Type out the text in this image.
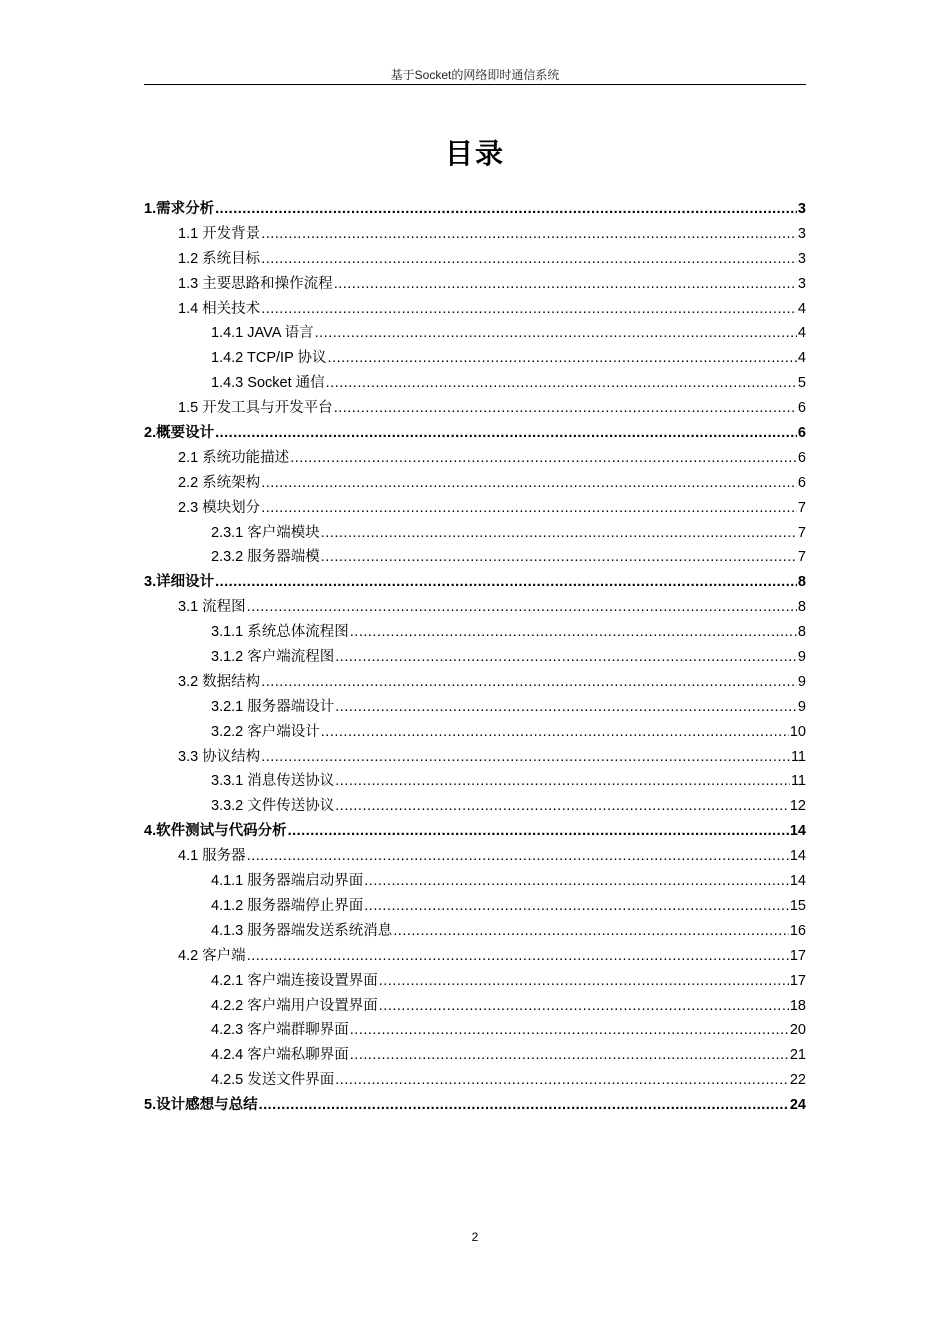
基于Socket的网络即时通信系统
目录
1.需求分析 .....	3
1.1 开发背景 .....	3
1.2 系统目标 .....	3
1.3 主要思路和操作流程 .....	3
1.4 相关技术 .....	4
1.4.1 JAVA 语言 .....	4
1.4.2 TCP/IP 协议 .....	4
1.4.3 Socket 通信 .....	5
1.5 开发工具与开发平台 .....	6
2.概要设计 .....	6
2.1 系统功能描述 .....	6
2.2 系统架构 .....	6
2.3 模块划分 .....	7
2.3.1 客户端模块 .....	7
2.3.2 服务器端模 .....	7
3.详细设计 .....	8
3.1 流程图 .....	8
3.1.1 系统总体流程图 .....	8
3.1.2 客户端流程图 .....	9
3.2 数据结构 .....	9
3.2.1 服务器端设计 .....	9
3.2.2 客户端设计 .....	10
3.3 协议结构 .....	11
3.3.1 消息传送协议 .....	11
3.3.2 文件传送协议 .....	12
4.软件测试与代码分析 .....	14
4.1 服务器 .....	14
4.1.1 服务器端启动界面 .....	14
4.1.2 服务器端停止界面 .....	15
4.1.3 服务器端发送系统消息 .....	16
4.2 客户端 .....	17
4.2.1 客户端连接设置界面 .....	17
4.2.2 客户端用户设置界面 .....	18
4.2.3 客户端群聊界面 .....	20
4.2.4 客户端私聊界面 .....	21
4.2.5 发送文件界面 .....	22
5.设计感想与总结 .....	24
2
